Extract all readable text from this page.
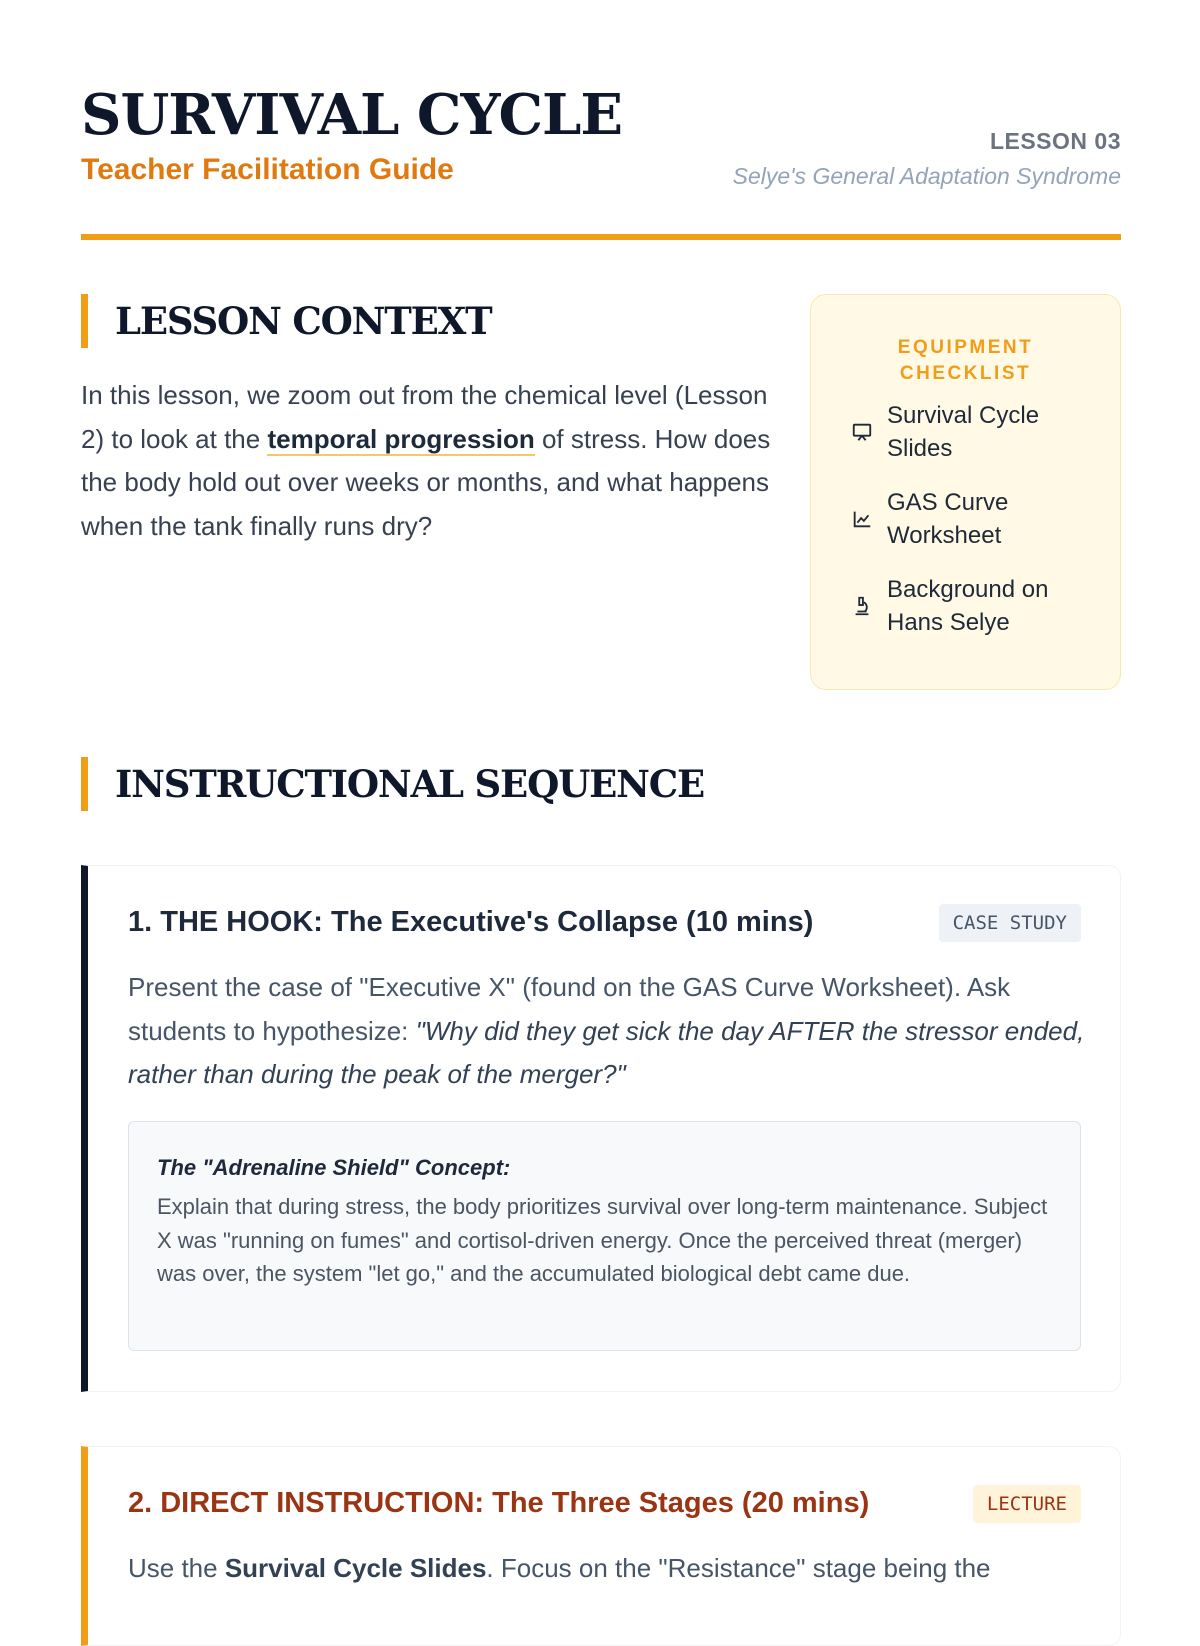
SURVIVAL CYCLE
Teacher Facilitation Guide
LESSON 03
Selye's General Adaptation Syndrome
LESSON CONTEXT

In this lesson, we zoom out from the chemical level (Lesson 2) to look at the temporal progression of stress. How does the body hold out over weeks or months, and what happens when the tank finally runs dry?

EQUIPMENT CHECKLIST
Survival Cycle Slides
GAS Curve Worksheet
Background on Hans Selye
INSTRUCTIONAL SEQUENCE
1. THE HOOK: The Executive's Collapse (10 mins)	CASE STUDY

Present the case of "Executive X" (found on the GAS Curve Worksheet). Ask students to hypothesize: "Why did they get sick the day AFTER the stressor ended, rather than during the peak of the merger?"

The "Adrenaline Shield" Concept:

Explain that during stress, the body prioritizes survival over long-term maintenance. Subject X was "running on fumes" and cortisol-driven energy. Once the perceived threat (merger) was over, the system "let go," and the accumulated biological debt came due.

2. DIRECT INSTRUCTION: The Three Stages (20 mins)	LECTURE

Use the Survival Cycle Slides. Focus on the "Resistance" stage being the
